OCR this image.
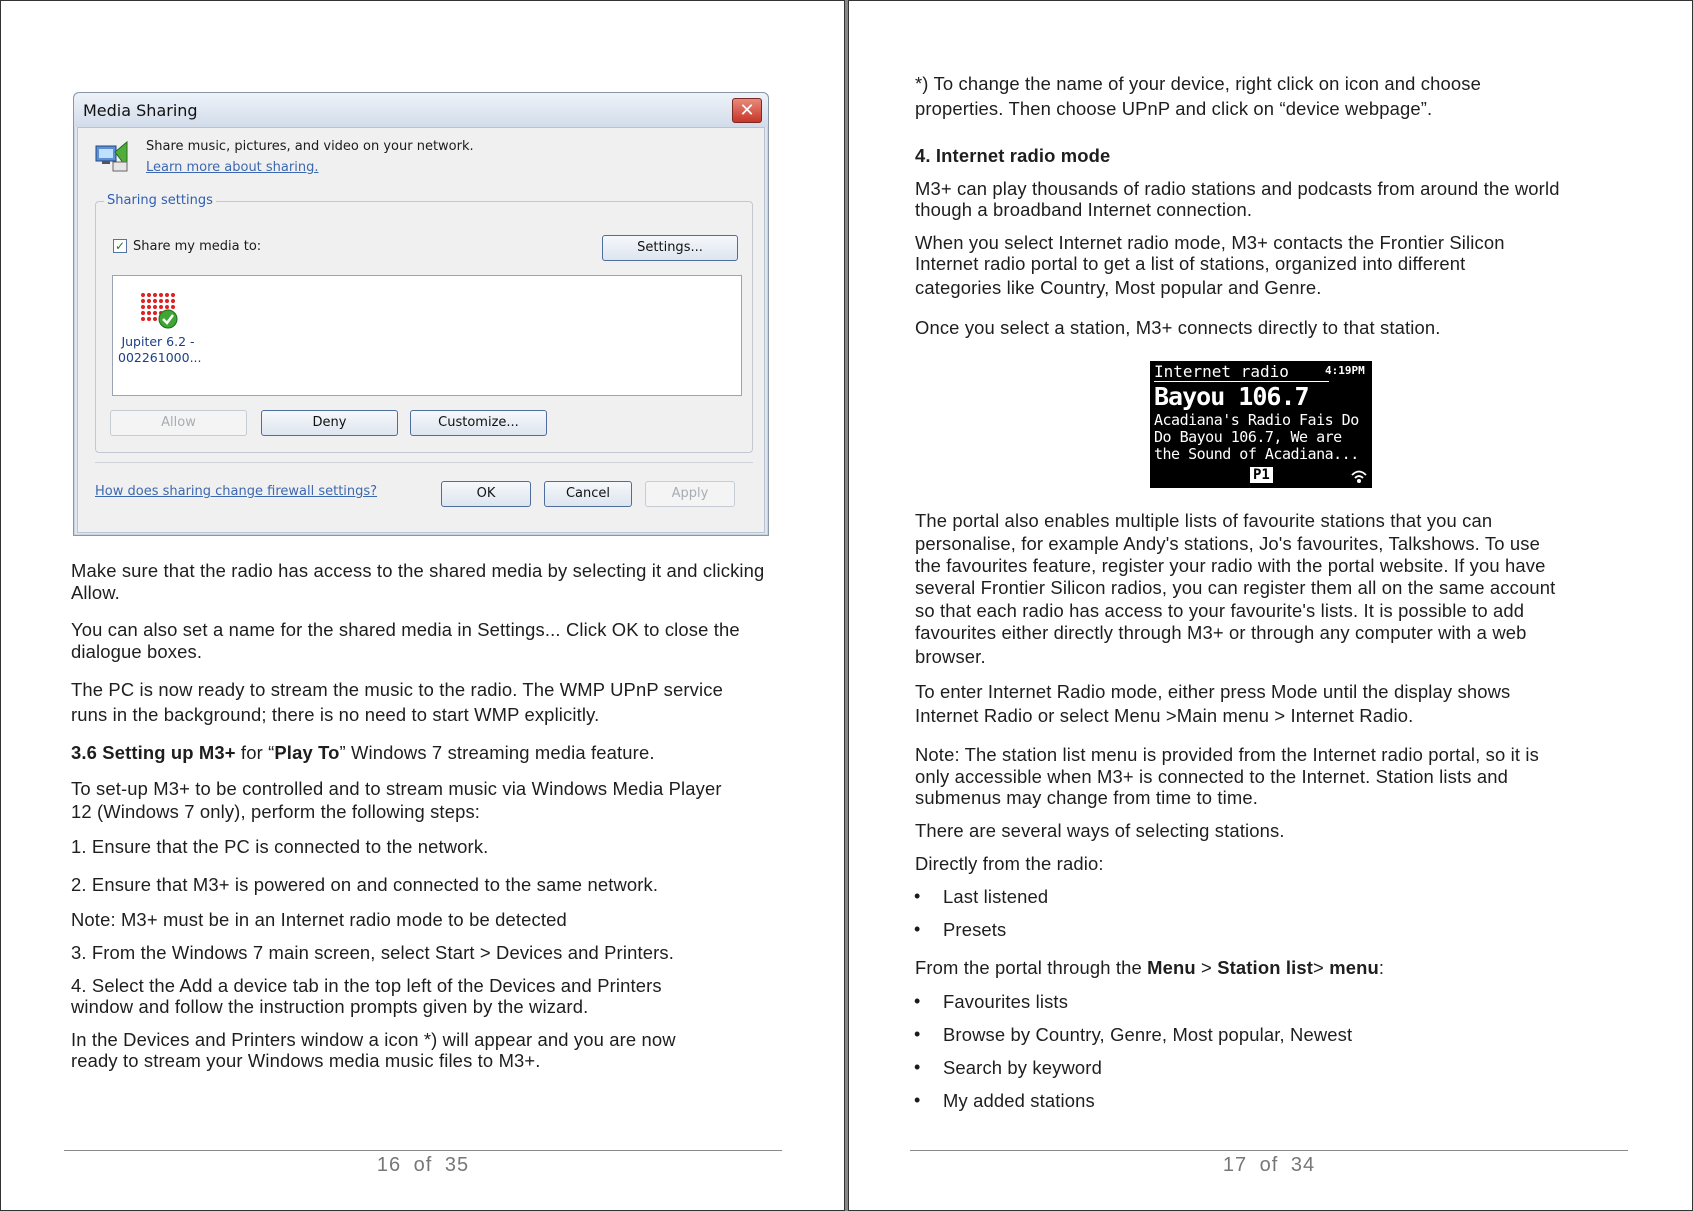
Media Sharing	✕
Share music, pictures, and video on your network.
Learn more about sharing.
Sharing settings
✓ Share my media to:	Settings...
Jupiter 6.2 -
002261000...
Allow	Deny	Customize...
How does sharing change firewall settings?	OK	Cancel	Apply
Make sure that the radio has access to the shared media by selecting it and clicking Allow.
You can also set a name for the shared media in Settings... Click OK to close the dialogue boxes.
The PC is now ready to stream the music to the radio. The WMP UPnP service
runs in the background; there is no need to start WMP explicitly.
3.6 Setting up M3+ for “Play To” Windows 7 streaming media feature.
To set-up M3+ to be controlled and to stream music via Windows Media Player
12 (Windows 7 only), perform the following steps:
1. Ensure that the PC is connected to the network.
2. Ensure that M3+ is powered on and connected to the same network.
Note: M3+ must be in an Internet radio mode to be detected
3. From the Windows 7 main screen, select Start > Devices and Printers.
4. Select the Add a device tab in the top left of the Devices and Printers
window and follow the instruction prompts given by the wizard.
In the Devices and Printers window a icon *) will appear and you are now
ready to stream your Windows media music files to M3+.
16 of 35
*) To change the name of your device, right click on icon and choose
properties. Then choose UPnP and click on “device webpage”.
4. Internet radio mode
M3+ can play thousands of radio stations and podcasts from around the world
though a broadband Internet connection.
When you select Internet radio mode, M3+ contacts the Frontier Silicon
Internet radio portal to get a list of stations, organized into different
categories like Country, Most popular and Genre.
Once you select a station, M3+ connects directly to that station.
Internet radio	4:19PM
Bayou 106.7
Acadiana's Radio Fais Do
Do Bayou 106.7, We are
the Sound of Acadiana...
P1
The portal also enables multiple lists of favourite stations that you can
personalise, for example Andy's stations, Jo's favourites, Talkshows. To use
the favourites feature, register your radio with the portal website. If you have
several Frontier Silicon radios, you can register them all on the same account
so that each radio has access to your favourite's lists. It is possible to add
favourites either directly through M3+ or through any computer with a web
browser.
To enter Internet Radio mode, either press Mode until the display shows
Internet Radio or select Menu >Main menu > Internet Radio.
Note: The station list menu is provided from the Internet radio portal, so it is
only accessible when M3+ is connected to the Internet. Station lists and
submenus may change from time to time.
There are several ways of selecting stations.
Directly from the radio:
• Last listened
• Presets
From the portal through the Menu > Station list> menu:
• Favourites lists
• Browse by Country, Genre, Most popular, Newest
• Search by keyword
• My added stations
17 of 34
